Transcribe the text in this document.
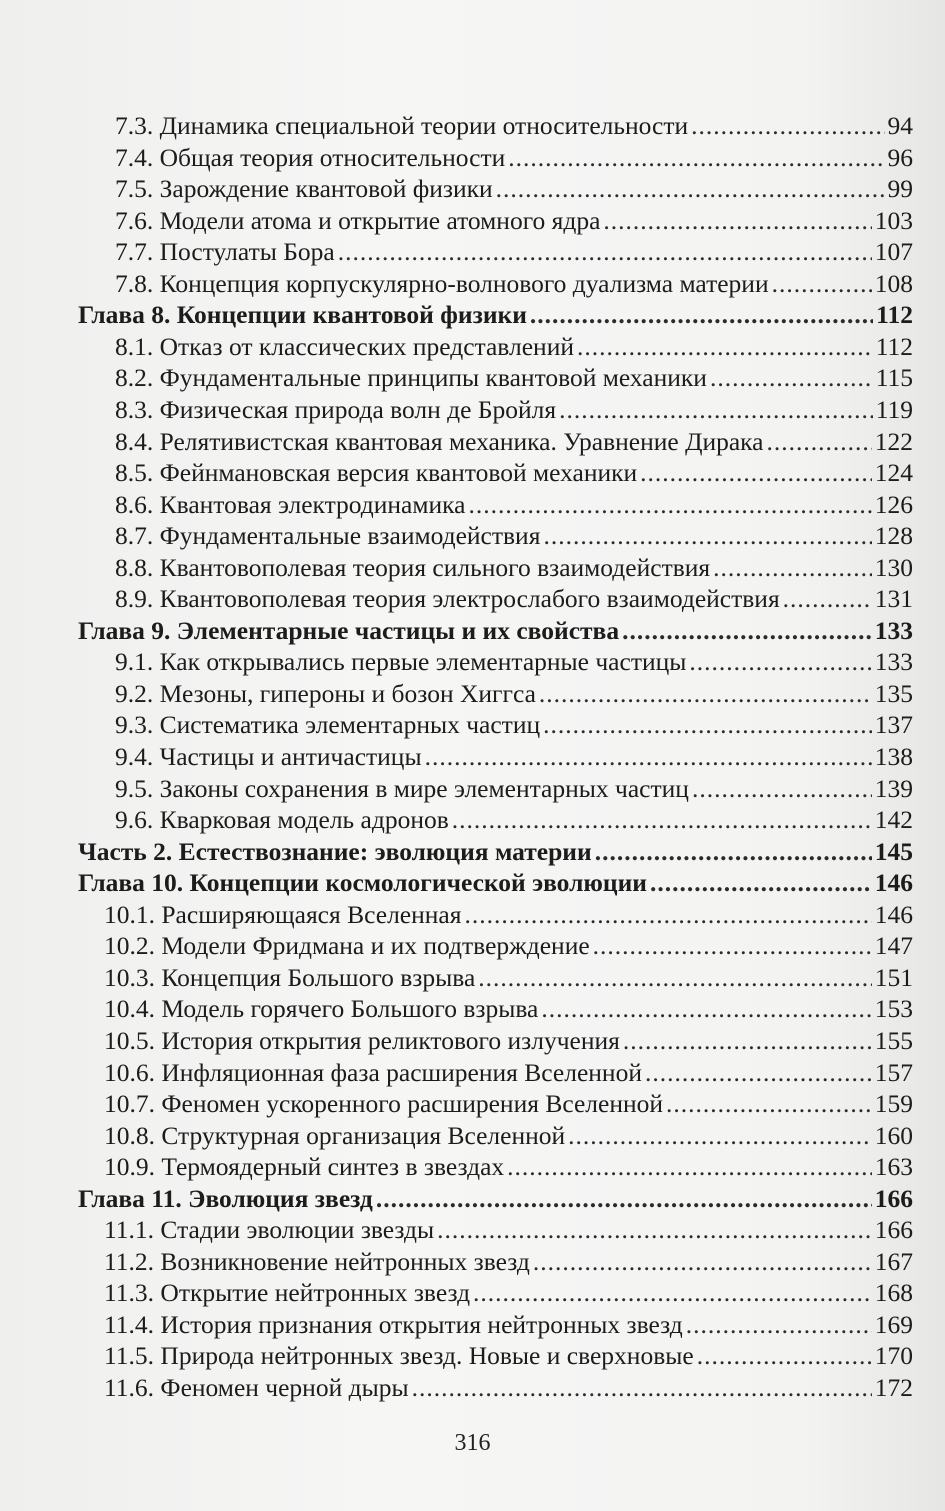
7.3. Динамика специальной теории относительности .....	94
7.4. Общая теория относительности .....	96
7.5. Зарождение квантовой физики .....	99
7.6. Модели атома и открытие атомного ядра .....	103
7.7. Постулаты Бора .....	107
7.8. Концепция корпускулярно-волнового дуализма материи .....	108
Глава 8. Концепции квантовой физики .....	112
8.1. Отказ от классических представлений .....	112
8.2. Фундаментальные принципы квантовой механики .....	115
8.3. Физическая природа волн де Бройля .....	119
8.4. Релятивистская квантовая механика. Уравнение Дирака .....	122
8.5. Фейнмановская версия квантовой механики .....	124
8.6. Квантовая электродинамика .....	126
8.7. Фундаментальные взаимодействия .....	128
8.8. Квантовополевая теория сильного взаимодействия .....	130
8.9. Квантовополевая теория электрослабого взаимодействия .....	131
Глава 9. Элементарные частицы и их свойства .....	133
9.1. Как открывались первые элементарные частицы .....	133
9.2. Мезоны, гипероны и бозон Хиггса .....	135
9.3. Систематика элементарных частиц .....	137
9.4. Частицы и античастицы .....	138
9.5. Законы сохранения в мире элементарных частиц .....	139
9.6. Кварковая модель адронов .....	142
Часть 2. Естествознание: эволюция материи .....	145
Глава 10. Концепции космологической эволюции .....	146
10.1. Расширяющаяся Вселенная .....	146
10.2. Модели Фридмана и их подтверждение .....	147
10.3. Концепция Большого взрыва .....	151
10.4. Модель горячего Большого взрыва .....	153
10.5. История открытия реликтового излучения .....	155
10.6. Инфляционная фаза расширения Вселенной .....	157
10.7. Феномен ускоренного расширения Вселенной .....	159
10.8. Структурная организация Вселенной .....	160
10.9. Термоядерный синтез в звездах .....	163
Глава 11. Эволюция звезд .....	166
11.1. Стадии эволюции звезды .....	166
11.2. Возникновение нейтронных звезд .....	167
11.3. Открытие нейтронных звезд .....	168
11.4. История признания открытия нейтронных звезд .....	169
11.5. Природа нейтронных звезд. Новые и сверхновые .....	170
11.6. Феномен черной дыры .....	172
316
